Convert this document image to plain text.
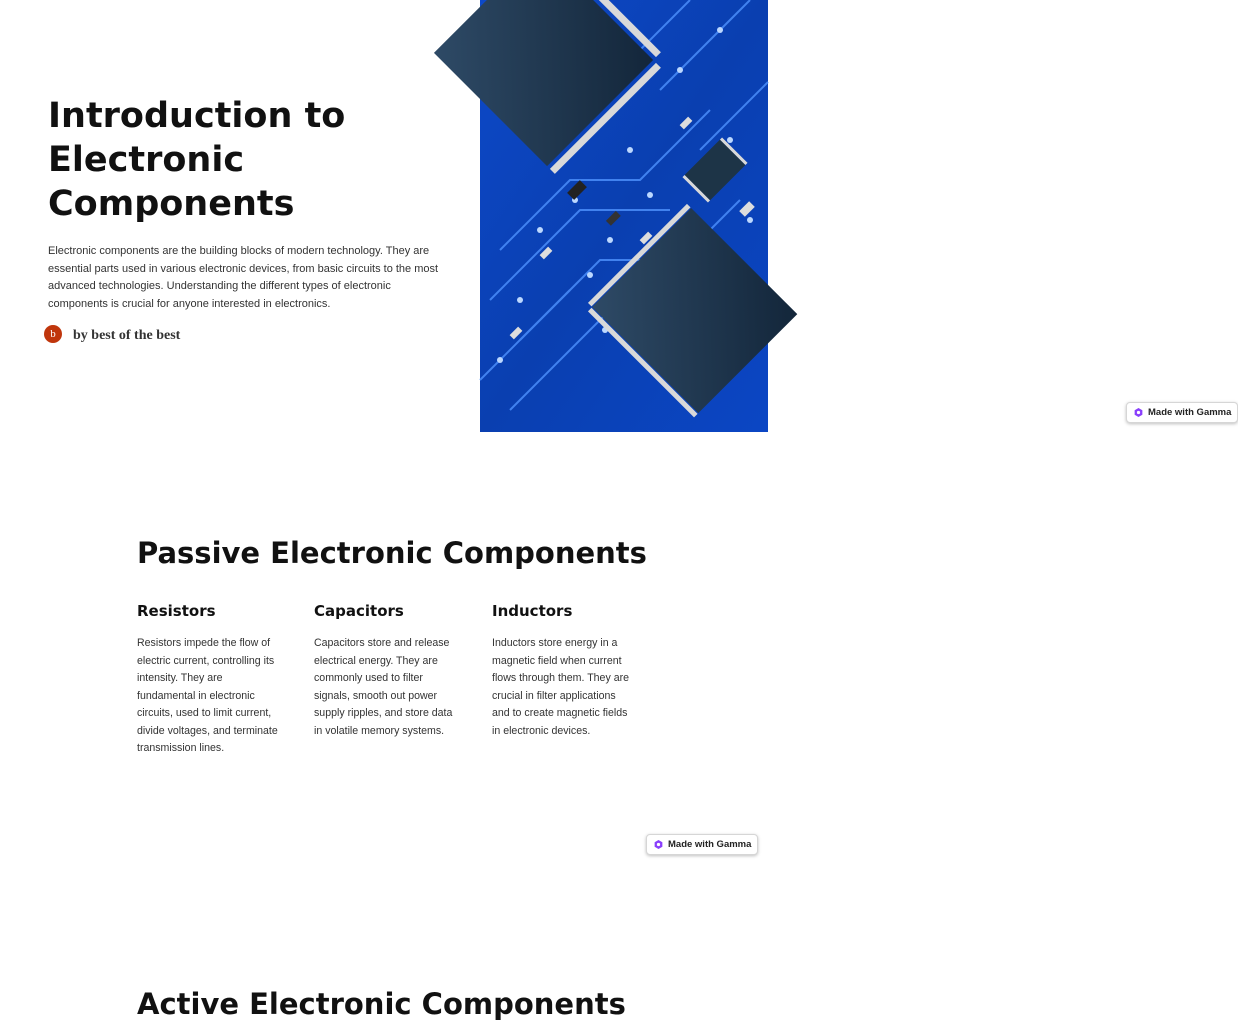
Introduction to Electronic Components

Electronic components are the building blocks of modern technology. They are essential parts used in various electronic devices, from basic circuits to the most advanced technologies. Understanding the different types of electronic components is crucial for anyone interested in electronics.

b	by best of the best
Made with Gamma
Passive Electronic Components
Resistors

Resistors impede the flow of electric current, controlling its intensity. They are fundamental in electronic circuits, used to limit current, divide voltages, and terminate transmission lines.

Capacitors

Capacitors store and release electrical energy. They are commonly used to filter signals, smooth out power supply ripples, and store data in volatile memory systems.

Inductors

Inductors store energy in a magnetic field when current flows through them. They are crucial in filter applications and to create magnetic fields in electronic devices.

Made with Gamma
Active Electronic Components
